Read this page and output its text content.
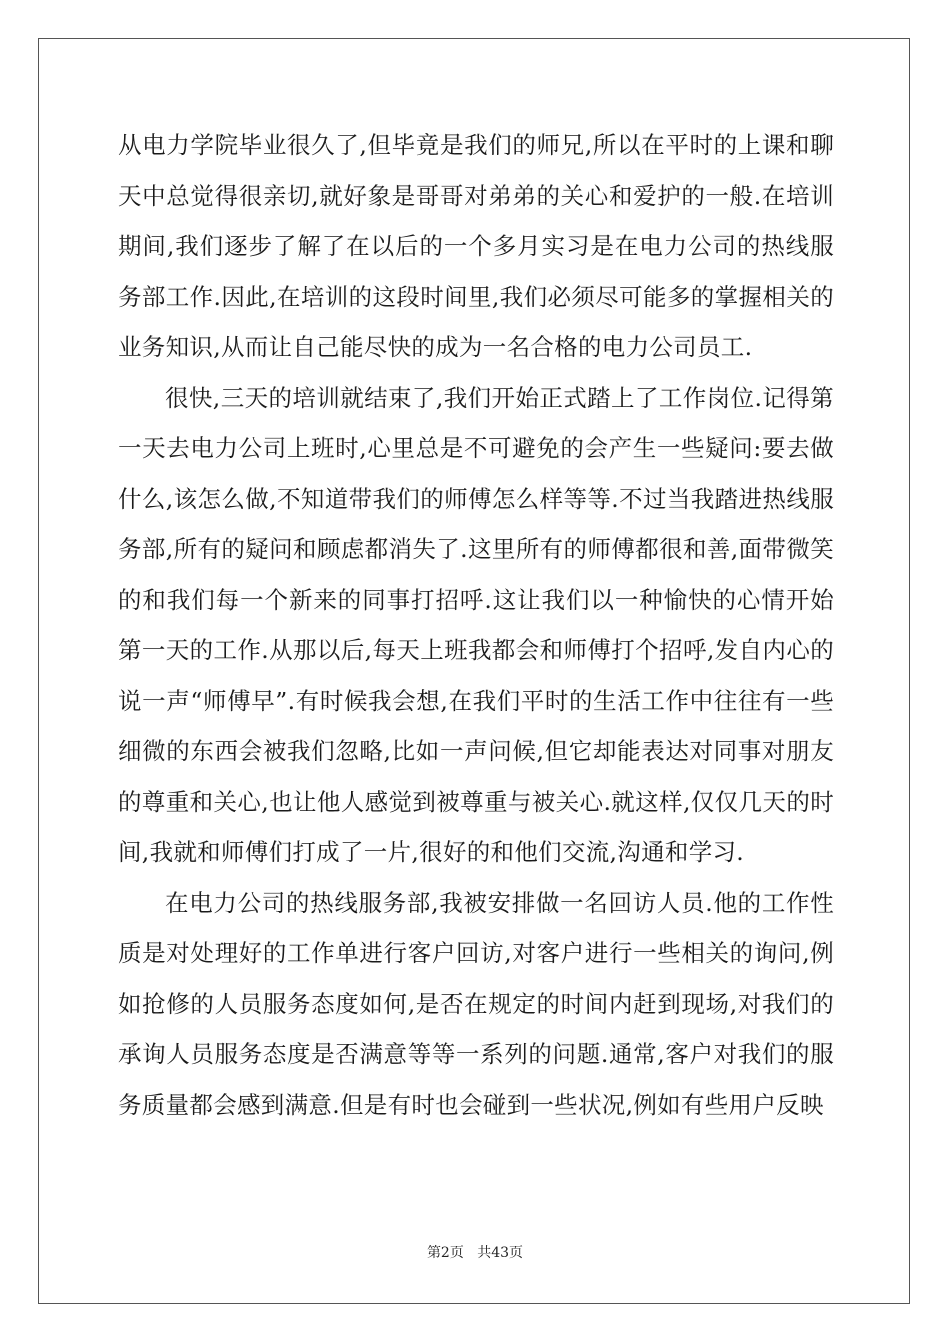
从电力学院毕业很久了,但毕竟是我们的师兄,所以在平时的上课和聊天中总觉得很亲切,就好象是哥哥对弟弟的关心和爱护的一般.在培训期间,我们逐步了解了在以后的一个多月实习是在电力公司的热线服务部工作.因此,在培训的这段时间里,我们必须尽可能多的掌握相关的业务知识,从而让自己能尽快的成为一名合格的电力公司员工.

很快,三天的培训就结束了,我们开始正式踏上了工作岗位.记得第一天去电力公司上班时,心里总是不可避免的会产生一些疑问:要去做什么,该怎么做,不知道带我们的师傅怎么样等等.不过当我踏进热线服务部,所有的疑问和顾虑都消失了.这里所有的师傅都很和善,面带微笑的和我们每一个新来的同事打招呼.这让我们以一种愉快的心情开始第一天的工作.从那以后,每天上班我都会和师傅打个招呼,发自内心的说一声“师傅早”.有时候我会想,在我们平时的生活工作中往往有一些细微的东西会被我们忽略,比如一声问候,但它却能表达对同事对朋友的尊重和关心,也让他人感觉到被尊重与被关心.就这样,仅仅几天的时间,我就和师傅们打成了一片,很好的和他们交流,沟通和学习.

在电力公司的热线服务部,我被安排做一名回访人员.他的工作性质是对处理好的工作单进行客户回访,对客户进行一些相关的询问,例如抢修的人员服务态度如何,是否在规定的时间内赶到现场,对我们的承询人员服务态度是否满意等等一系列的问题.通常,客户对我们的服务质量都会感到满意.但是有时也会碰到一些状况,例如有些用户反映

第2页 共43页
